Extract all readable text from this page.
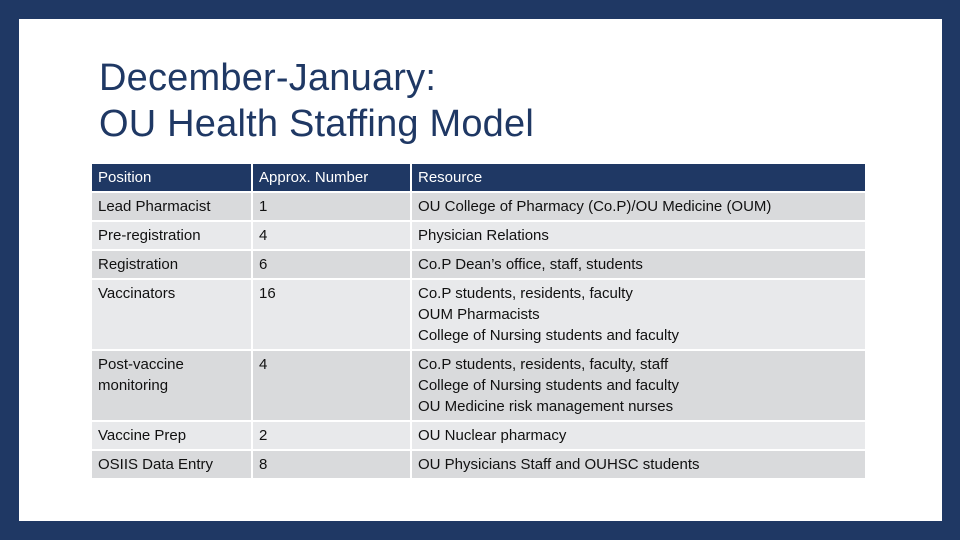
December-January:
OU Health Staffing Model
Position	Approx. Number	Resource
Lead Pharmacist	1	OU College of Pharmacy (Co.P)/OU Medicine (OUM)

Pre-registration	4	Physician Relations

Registration	6	Co.P Dean’s office, staff, students

Vaccinators	16	Co.P students, residents, faculty
OUM Pharmacists
College of Nursing students and faculty

Post-vaccine monitoring	4	Co.P students, residents, faculty, staff
College of Nursing students and faculty
OU Medicine risk management nurses

Vaccine Prep	2	OU Nuclear pharmacy

OSIIS Data Entry	8	OU Physicians Staff and OUHSC students
